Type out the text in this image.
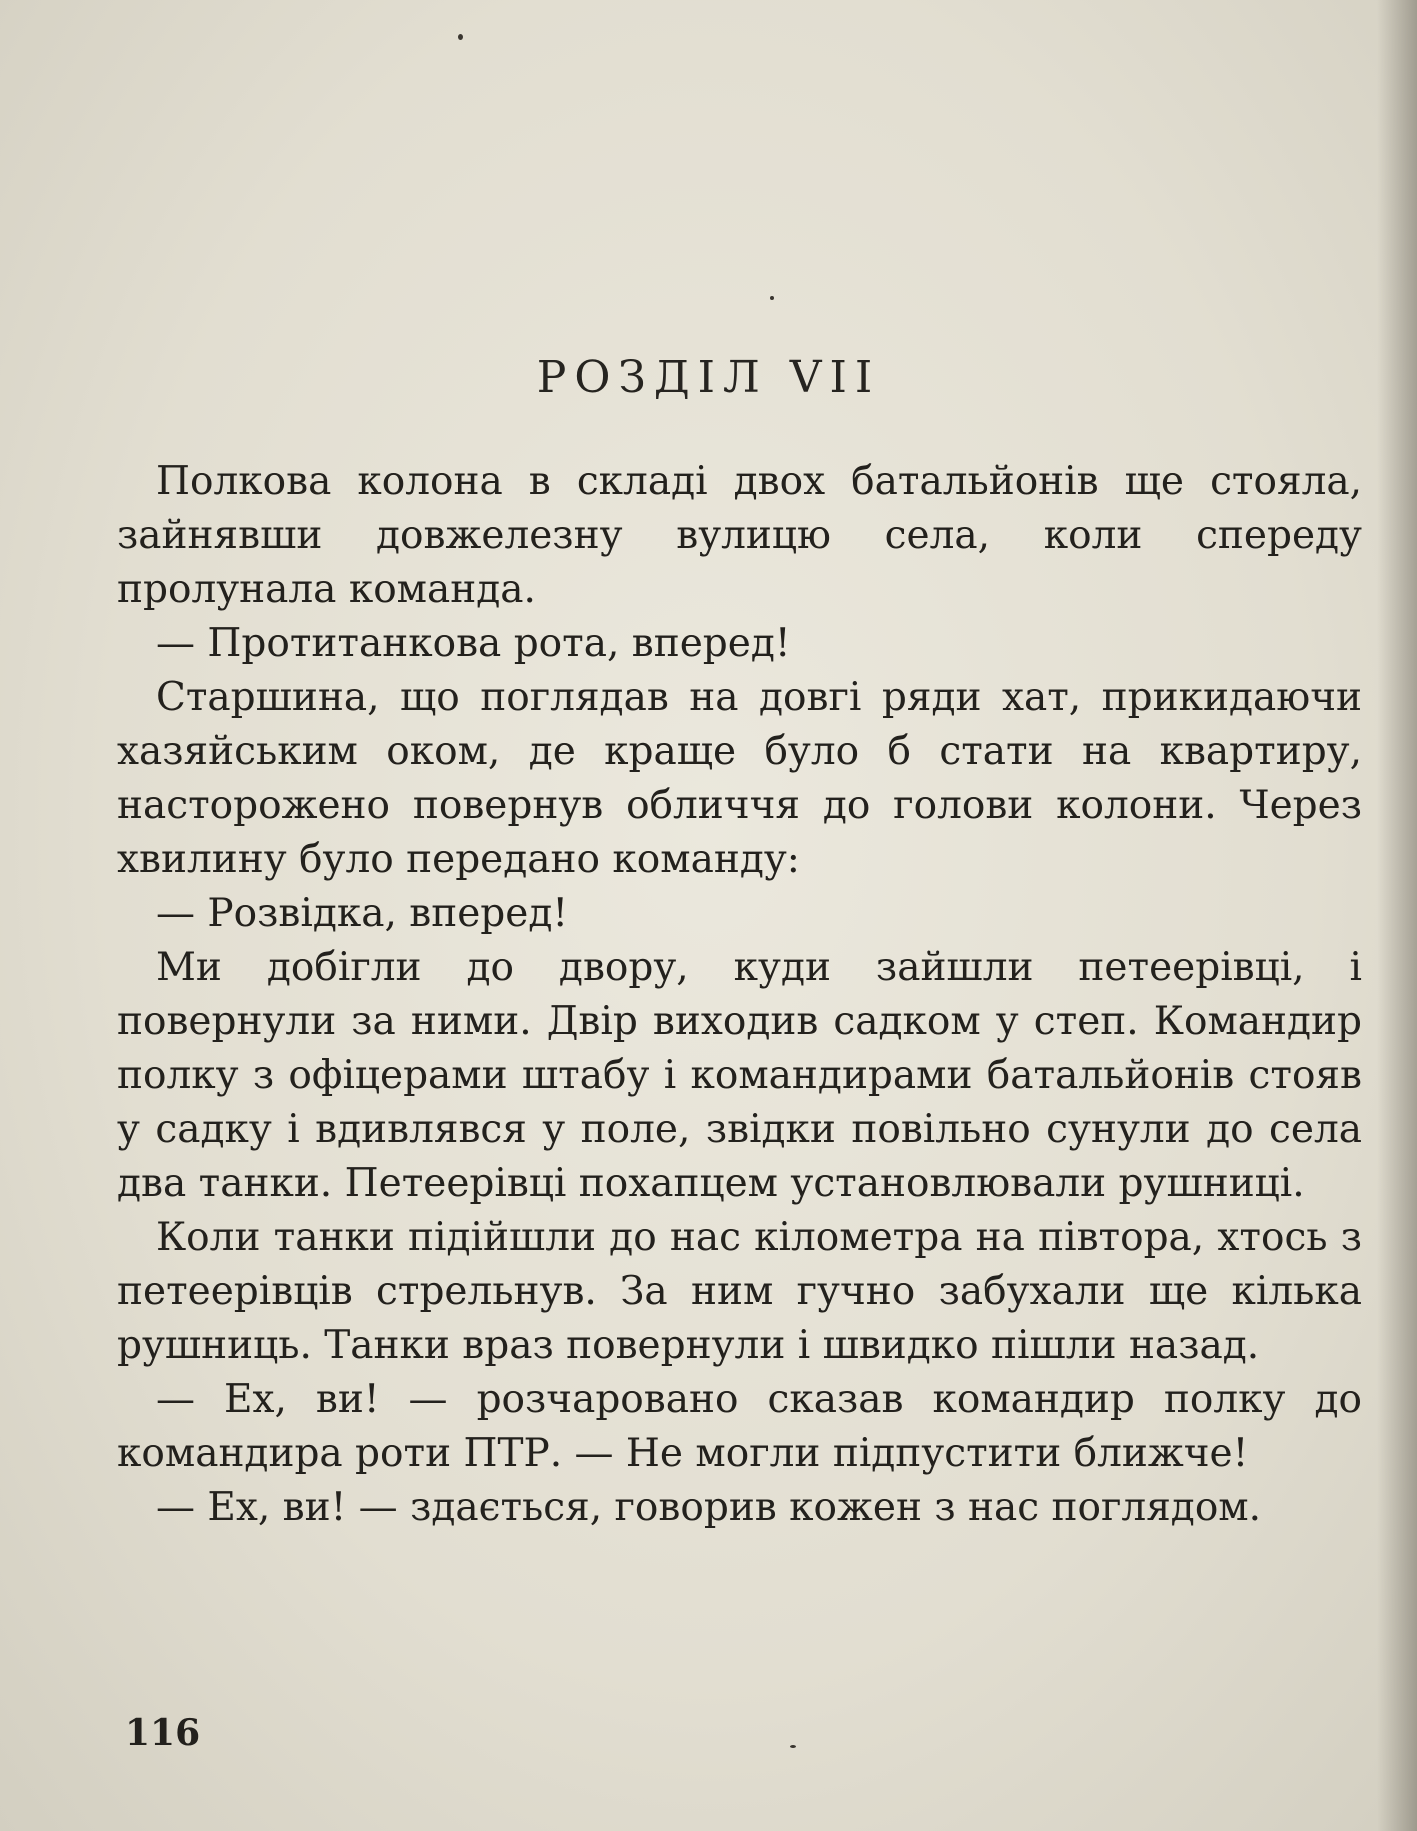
РОЗДІЛ VII

 Полкова колона в складі двох батальйонів ще стояла, зайнявши довжелезну вулицю села, коли спереду пролунала команда.

 — Протитанкова рота, вперед!

 Старшина, що поглядав на довгі ряди хат, прикидаючи хазяйським оком, де краще було б стати на квартиру, насторожено повернув обличчя до голови колони. Через хвилину було передано команду:

 — Розвідка, вперед!

 Ми добігли до двору, куди зайшли петеерівці, і повернули за ними. Двір виходив садком у степ. Командир полку з офіцерами штабу і командирами батальйонів стояв у садку і вдивлявся у поле, звідки повільно сунули до села два танки. Петеерівці похапцем установлювали рушниці.

 Коли танки підійшли до нас кілометра на півтора, хтось з петеерівців стрельнув. За ним гучно забухали ще кілька рушниць. Танки враз повернули і швидко пішли назад.

 — Ех, ви! — розчаровано сказав командир полку до командира роти ПТР. — Не могли підпустити ближче!

 — Ех, ви! — здається, говорив кожен з нас поглядом.

116
